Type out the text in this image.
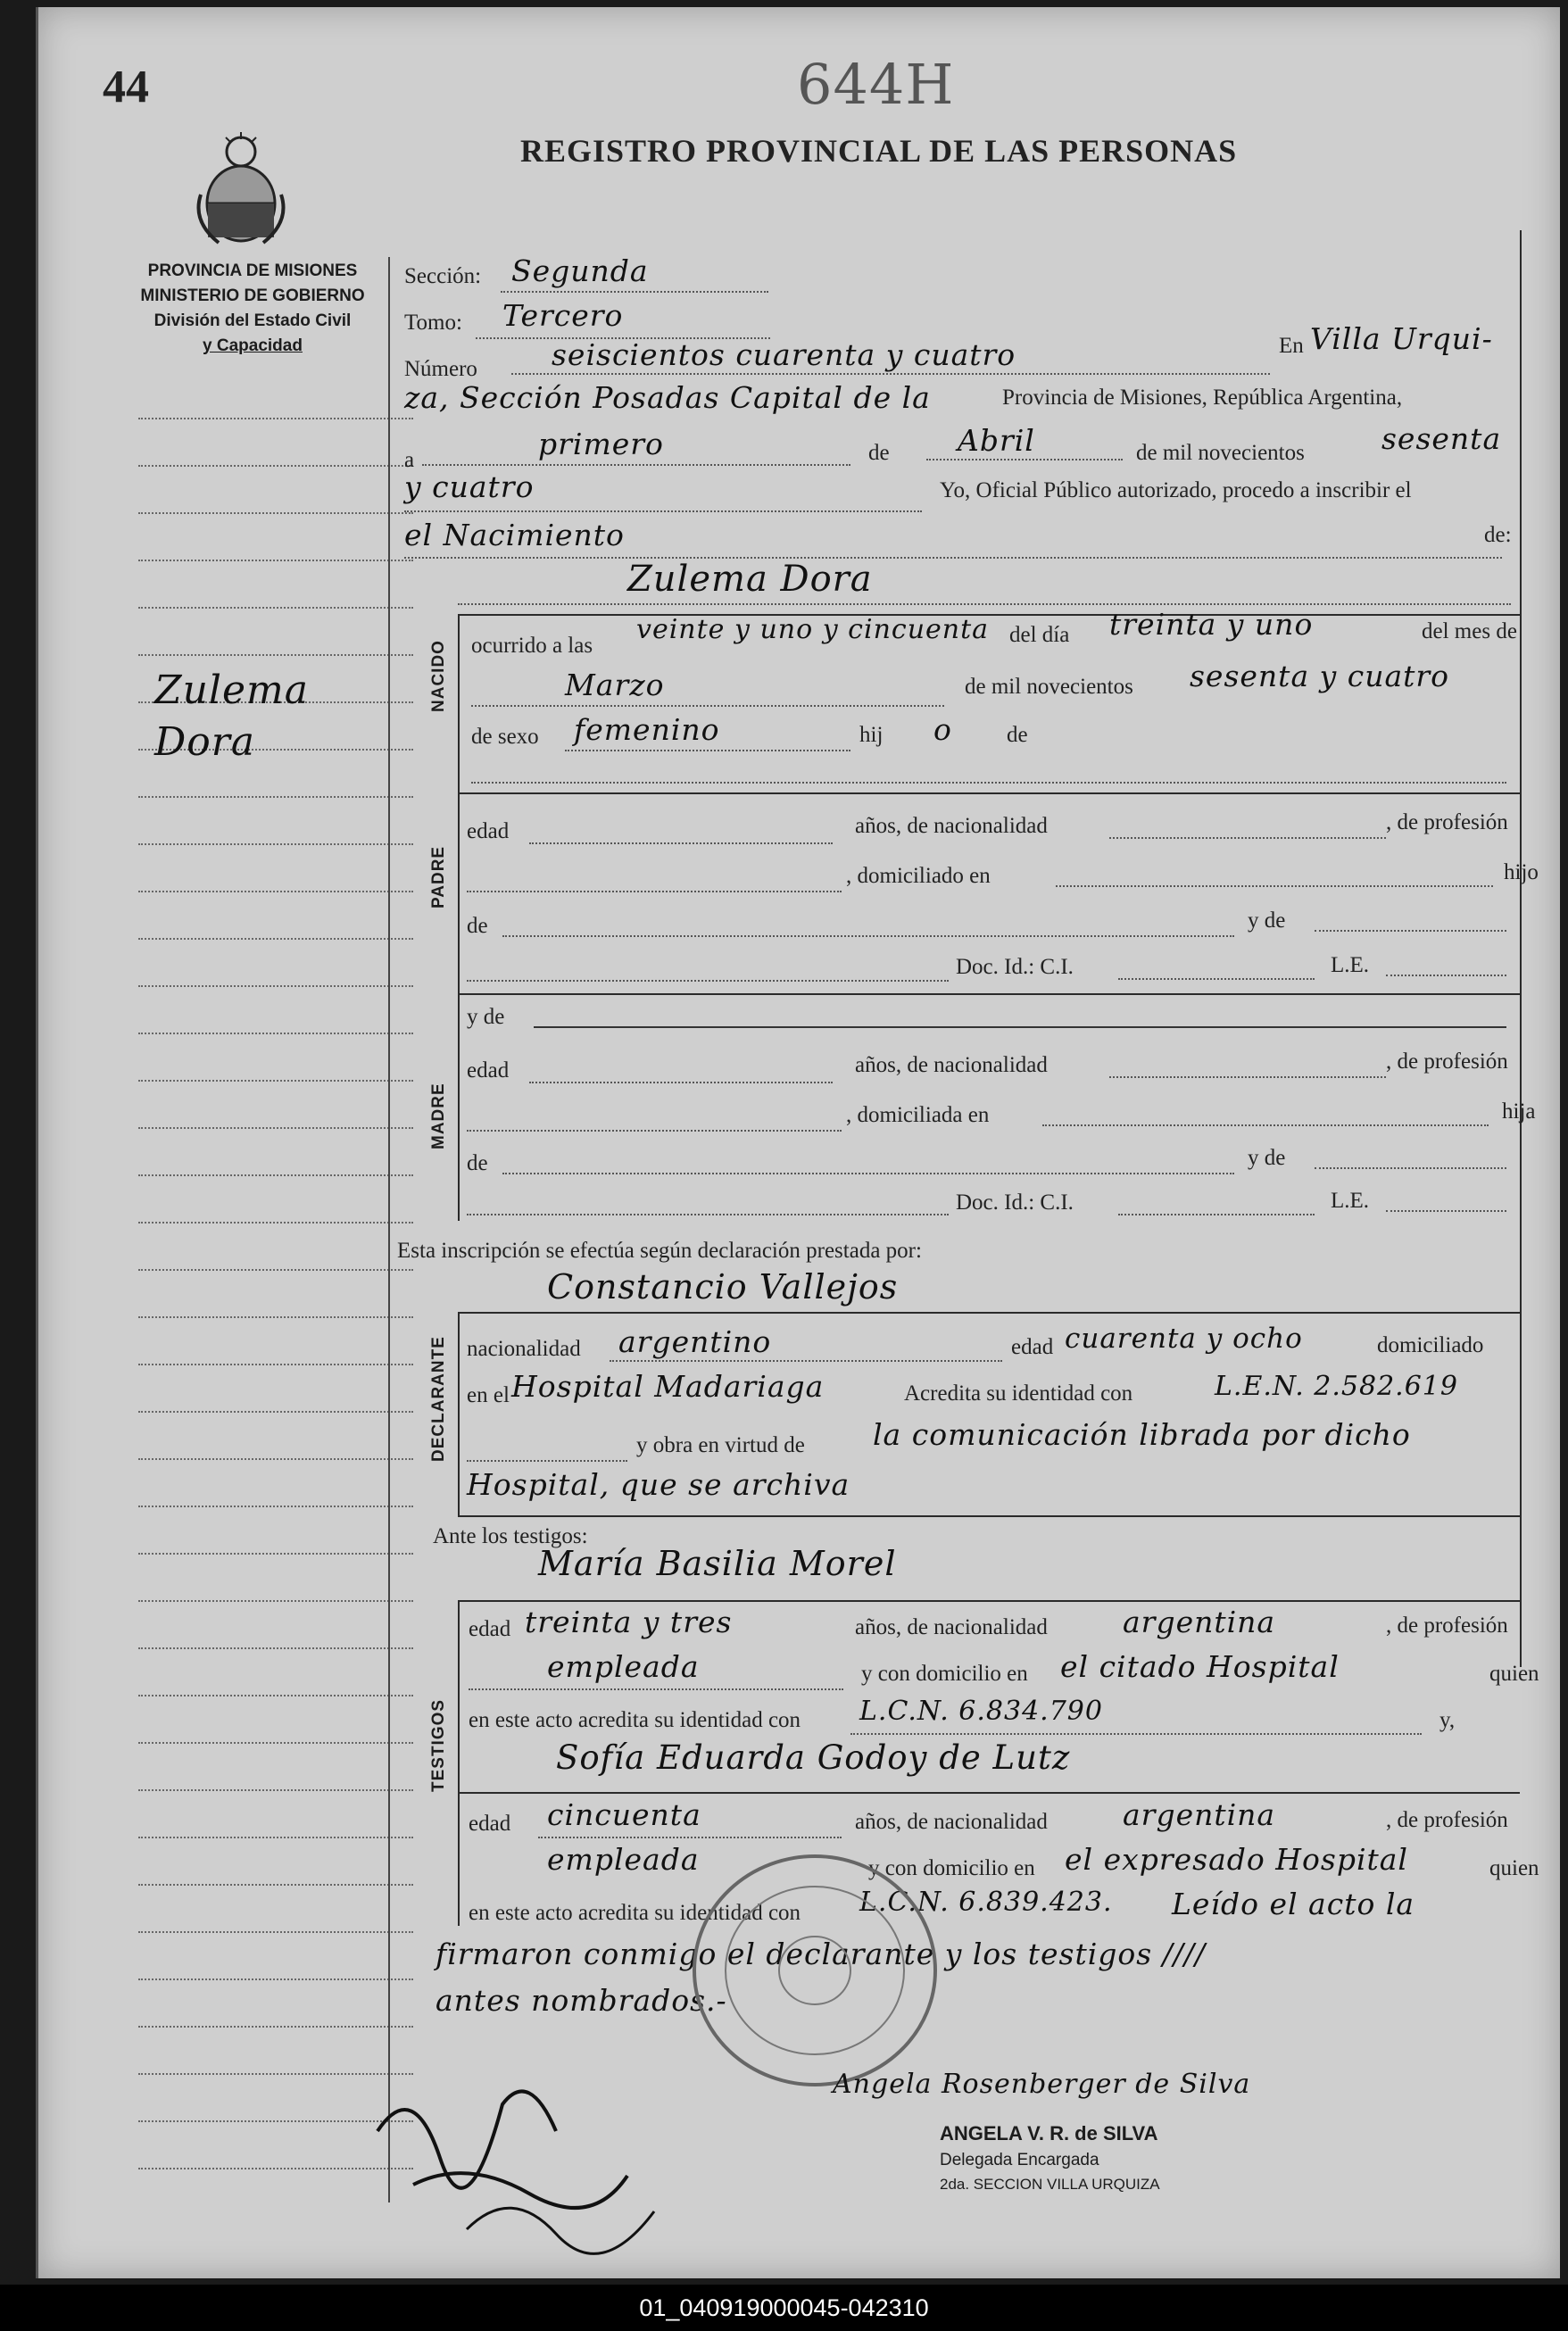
44	644H
REGISTRO PROVINCIAL DE LAS PERSONAS
PROVINCIA DE MISIONES
MINISTERIO DE GOBIERNO
División del Estado Civil
y Capacidad
Zulema
Dora
Sección: Segunda
Tomo: Tercero
Número	seiscientos cuarenta y cuatro	En Villa Urqui-
za, Sección Posadas Capital de la	Provincia de Misiones, República Argentina,
a	primero	de Abril	de mil novecientos	sesenta
y cuatro	Yo, Oficial Público autorizado, procedo a inscribir el
el Nacimiento	de:
Zulema Dora
NACIDO ocurrido a las
veinte y uno y cincuenta del día treinta y uno	del mes de
Marzo	de mil novecientos sesenta y cuatro
de sexo femenino	hij o de
PADRE
edad	años, de nacionalidad	, de profesión
, domiciliado en	hijo
de	y de
Doc. Id.: C.I.	L.E.
MADRE
y de
edad	años, de nacionalidad	, de profesión
, domiciliada en	hija
de	y de
Doc. Id.: C.I.	L.E.
Esta inscripción se efectúa según declaración prestada por:
Constancio Vallejos
DECLARANTE nacionalidad argentino	edad cuarenta y ocho	domiciliado
en el Hospital Madariaga	Acredita su identidad con	L.E.N. 2.582.619
y obra en virtud de la comunicación librada por dicho
Hospital, que se archiva
Ante los testigos:
María Basilia Morel
TESTIGOS
edad treinta y tres	años, de nacionalidad	argentina	, de profesión
empleada	y con domicilio en el citado Hospital	quien
en este acto acredita su identidad con L.C.N. 6.834.790	y,
Sofía Eduarda Godoy de Lutz
edad cincuenta	años, de nacionalidad	argentina	, de profesión
empleada	y con domicilio en el expresado Hospital	quien
en este acto acredita su identidad con L.C.N. 6.839.423. Leído el acto la
firmaron conmigo el declarante y los testigos ////
antes nombrados.-
Angela Rosenberger de Silva
ANGELA V. R. de SILVA
Delegada Encargada
2da. SECCION VILLA URQUIZA
01_040919000045-042310
